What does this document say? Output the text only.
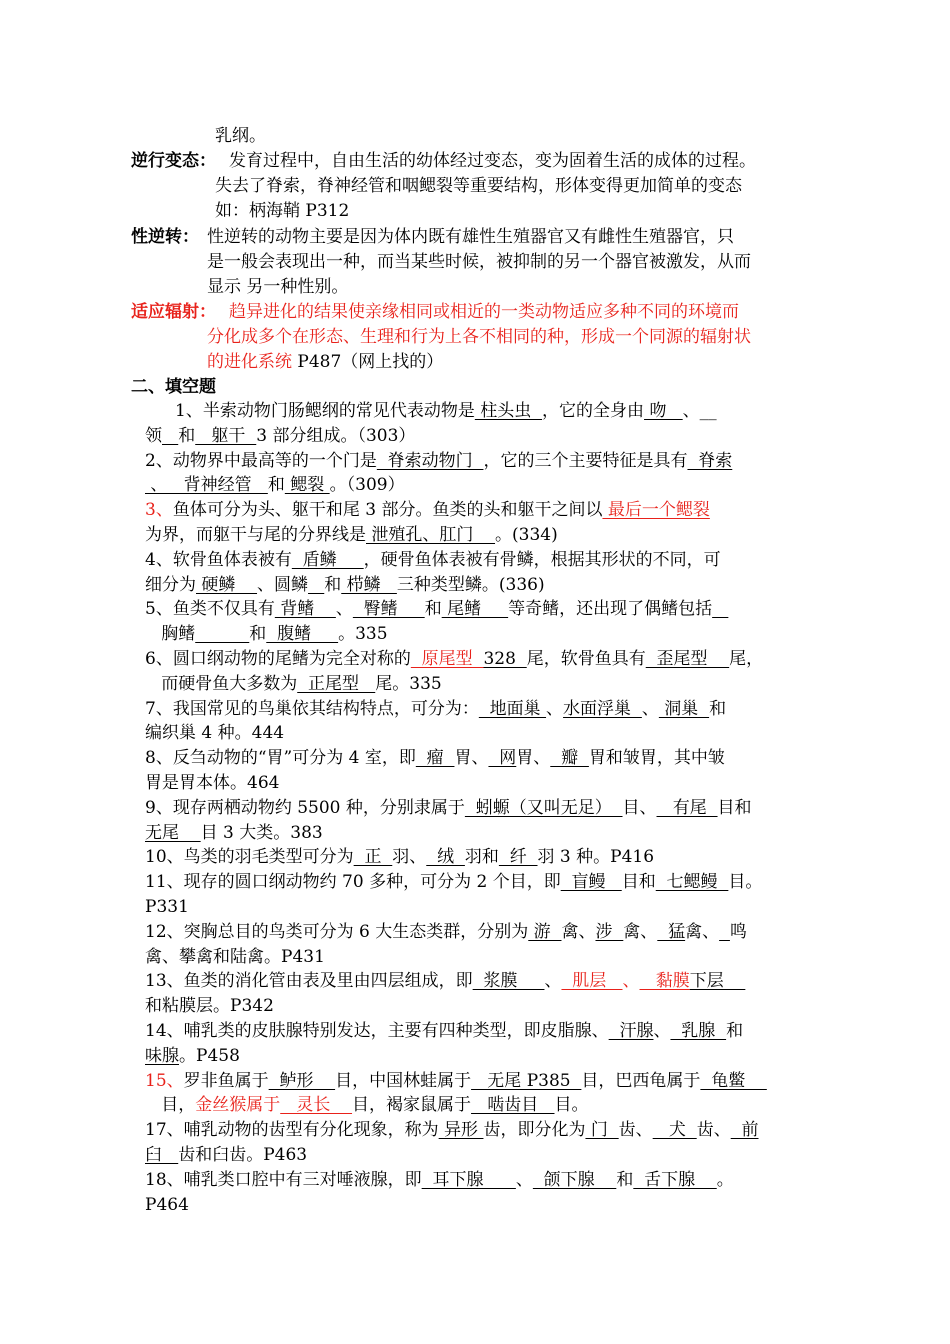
乳纲。
逆行变态： 发育过程中，自由生活的幼体经过变态，变为固着生活的成体的过程。
失去了脊索，脊神经管和咽鳃裂等重要结构，形体变得更加简单的变态
如：柄海鞘 P312
性逆转： 性逆转的动物主要是因为体内既有雄性生殖器官又有雌性生殖器官，只
是一般会表现出一种，而当某些时候，被抑制的另一个器官被激发，从而
显示 另一种性别。
适应辐射： 趋异进化的结果使亲缘相同或相近的一类动物适应多种不同的环境而
分化成多个在形态、生理和行为上各不相同的种，形成一个同源的辐射状
的进化系统 P487（网上找的）
二、填空题
1、半索动物门肠鳃纲的常见代表动物是 柱头虫  ，它的全身由 吻   、__
领 和   躯干  3 部分组成。（303）
2、动物界中最高等的一个门是  脊索动物门  ，它的三个主要特征是具有  脊索
、   背神经管   和 鳃裂 。（309）
3、鱼体可分为头、躯干和尾 3 部分。鱼类的头和躯干之间以 最后一个鳃裂
为界，而躯干与尾的分界线是 泄殖孔、肛门    。(334)
4、软骨鱼体表被有  盾鳞     ，硬骨鱼体表被有骨鳞，根据其形状的不同，可
细分为 硬鳞    、圆鳞 和 栉鳞   三种类型鳞。(336)
5、鱼类不仅具有 背鳍    、  臀鳍     和 尾鳍     等奇鳍，还出现了偶鳍包括
胸鳍	和  腹鳍     。335
6、圆口纲动物的尾鳍为完全对称的  原尾型  328  尾，软骨鱼具有  歪尾型    尾，
而硬骨鱼大多数为  正尾型   尾。335
7、我国常见的鸟巢依其结构特点，可分为：  地面巢 、水面浮巢  、 洞巢  和
编织巢 4 种。444
8、反刍动物的“胃”可分为 4 室，即  瘤  胃、  网胃、  瓣  胃和皱胃，其中皱
胃是胃本体。464
9、现存两栖动物约 5500 种，分别隶属于  蚓螈（又叫无足）  目、   有尾  目和
无尾    目 3 大类。383
10、鸟类的羽毛类型可分为  正  羽、  绒  羽和  纤  羽 3 种。P416
11、现存的圆口纲动物约 70 多种，可分为 2 个目，即  盲鳗   目和  七鳃鳗  目。
P331
12、突胸总目的鸟类可分为 6 大生态类群，分别为 游  禽、涉  禽、  猛禽、 鸣
禽、攀禽和陆禽。P431
13、鱼类的消化管由表及里由四层组成，即  浆膜     、  肌层   、   黏膜下层
和粘膜层。P342
14、哺乳类的皮肤腺特别发达，主要有四种类型，即皮脂腺、  汗腺、  乳腺  和
味腺。P458
15、罗非鱼属于  鲈形    目，中国林蛙属于   无尾 P385  目，巴西龟属于  龟鳖
目，金丝猴属于   灵长    目，褐家鼠属于   啮齿目   目。
17、哺乳动物的齿型有分化现象，称为 异形 齿，即分化为 门  齿、   犬  齿、  前
臼   齿和臼齿。P463
18、哺乳类口腔中有三对唾液腺，即  耳下腺      、  颌下腺    和  舌下腺    。
P464
